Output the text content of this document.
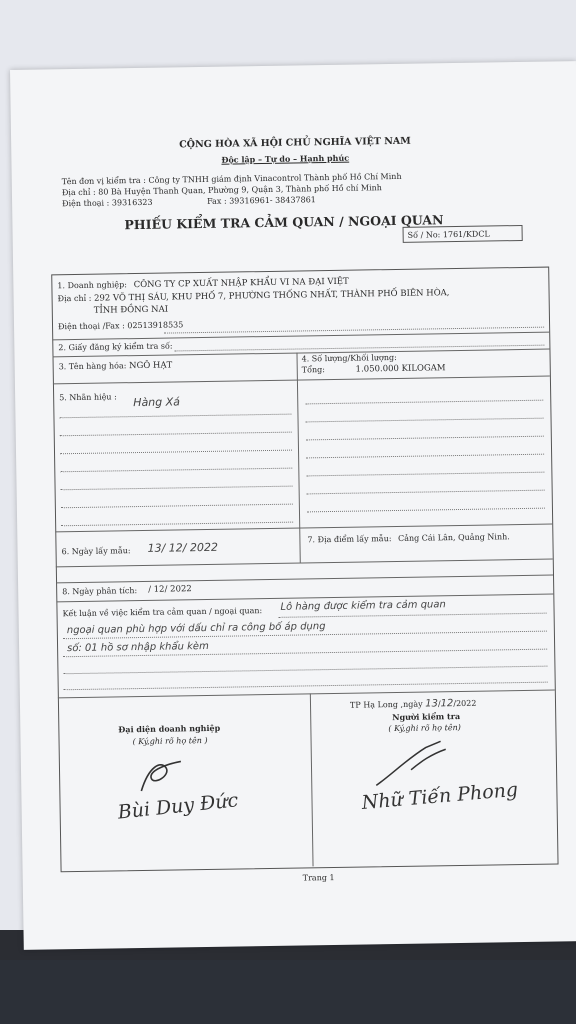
CỘNG HÒA XÃ HỘI CHỦ NGHĨA VIỆT NAM
Độc lập – Tự do – Hạnh phúc
Tên đơn vị kiểm tra : Công ty TNHH giám định Vinacontrol Thành phố Hồ Chí Minh
Địa chỉ : 80 Bà Huyện Thanh Quan, Phường 9, Quận 3, Thành phố Hồ chí Minh
Điện thoại : 39316323	Fax : 39316961- 38437861
PHIẾU KIỂM TRA CẢM QUAN / NGOẠI QUAN
Số / No: 1761/KDCL
1. Doanh nghiệp: CÔNG TY CP XUẤT NHẬP KHẨU VI NA ĐẠI VIỆT
Địa chỉ : 292 VÕ THỊ SÁU, KHU PHỐ 7, PHƯỜNG THỐNG NHẤT, THÀNH PHỐ BIÊN HÒA,
TỈNH ĐỒNG NAI
Điện thoại /Fax : 02513918535
2. Giấy đăng ký kiểm tra số:
3. Tên hàng hóa: NGÔ HẠT
4. Số lượng/Khối lượng:
Tổng:	1.050.000 KILOGAM
5. Nhãn hiệu : Hàng Xá
6. Ngày lấy mẫu: 13/ 12/ 2022
7. Địa điểm lấy mẫu: Cảng Cái Lân, Quảng Ninh.
8. Ngày phân tích: / 12/ 2022
Kết luận về việc kiểm tra cảm quan / ngoại quan: Lô hàng được kiểm tra cảm quan
ngoại quan phù hợp với dấu chỉ ra công bố áp dụng
số: 01 hồ sơ nhập khẩu kèm
TP Hạ Long ,ngày 13/12/2022
Người kiểm tra
( Ký,ghi rõ họ tên)
Đại diện doanh nghiệp
( Ký,ghi rõ họ tên )
Bùi Duy Đức	Nhữ Tiến Phong
Trang 1
